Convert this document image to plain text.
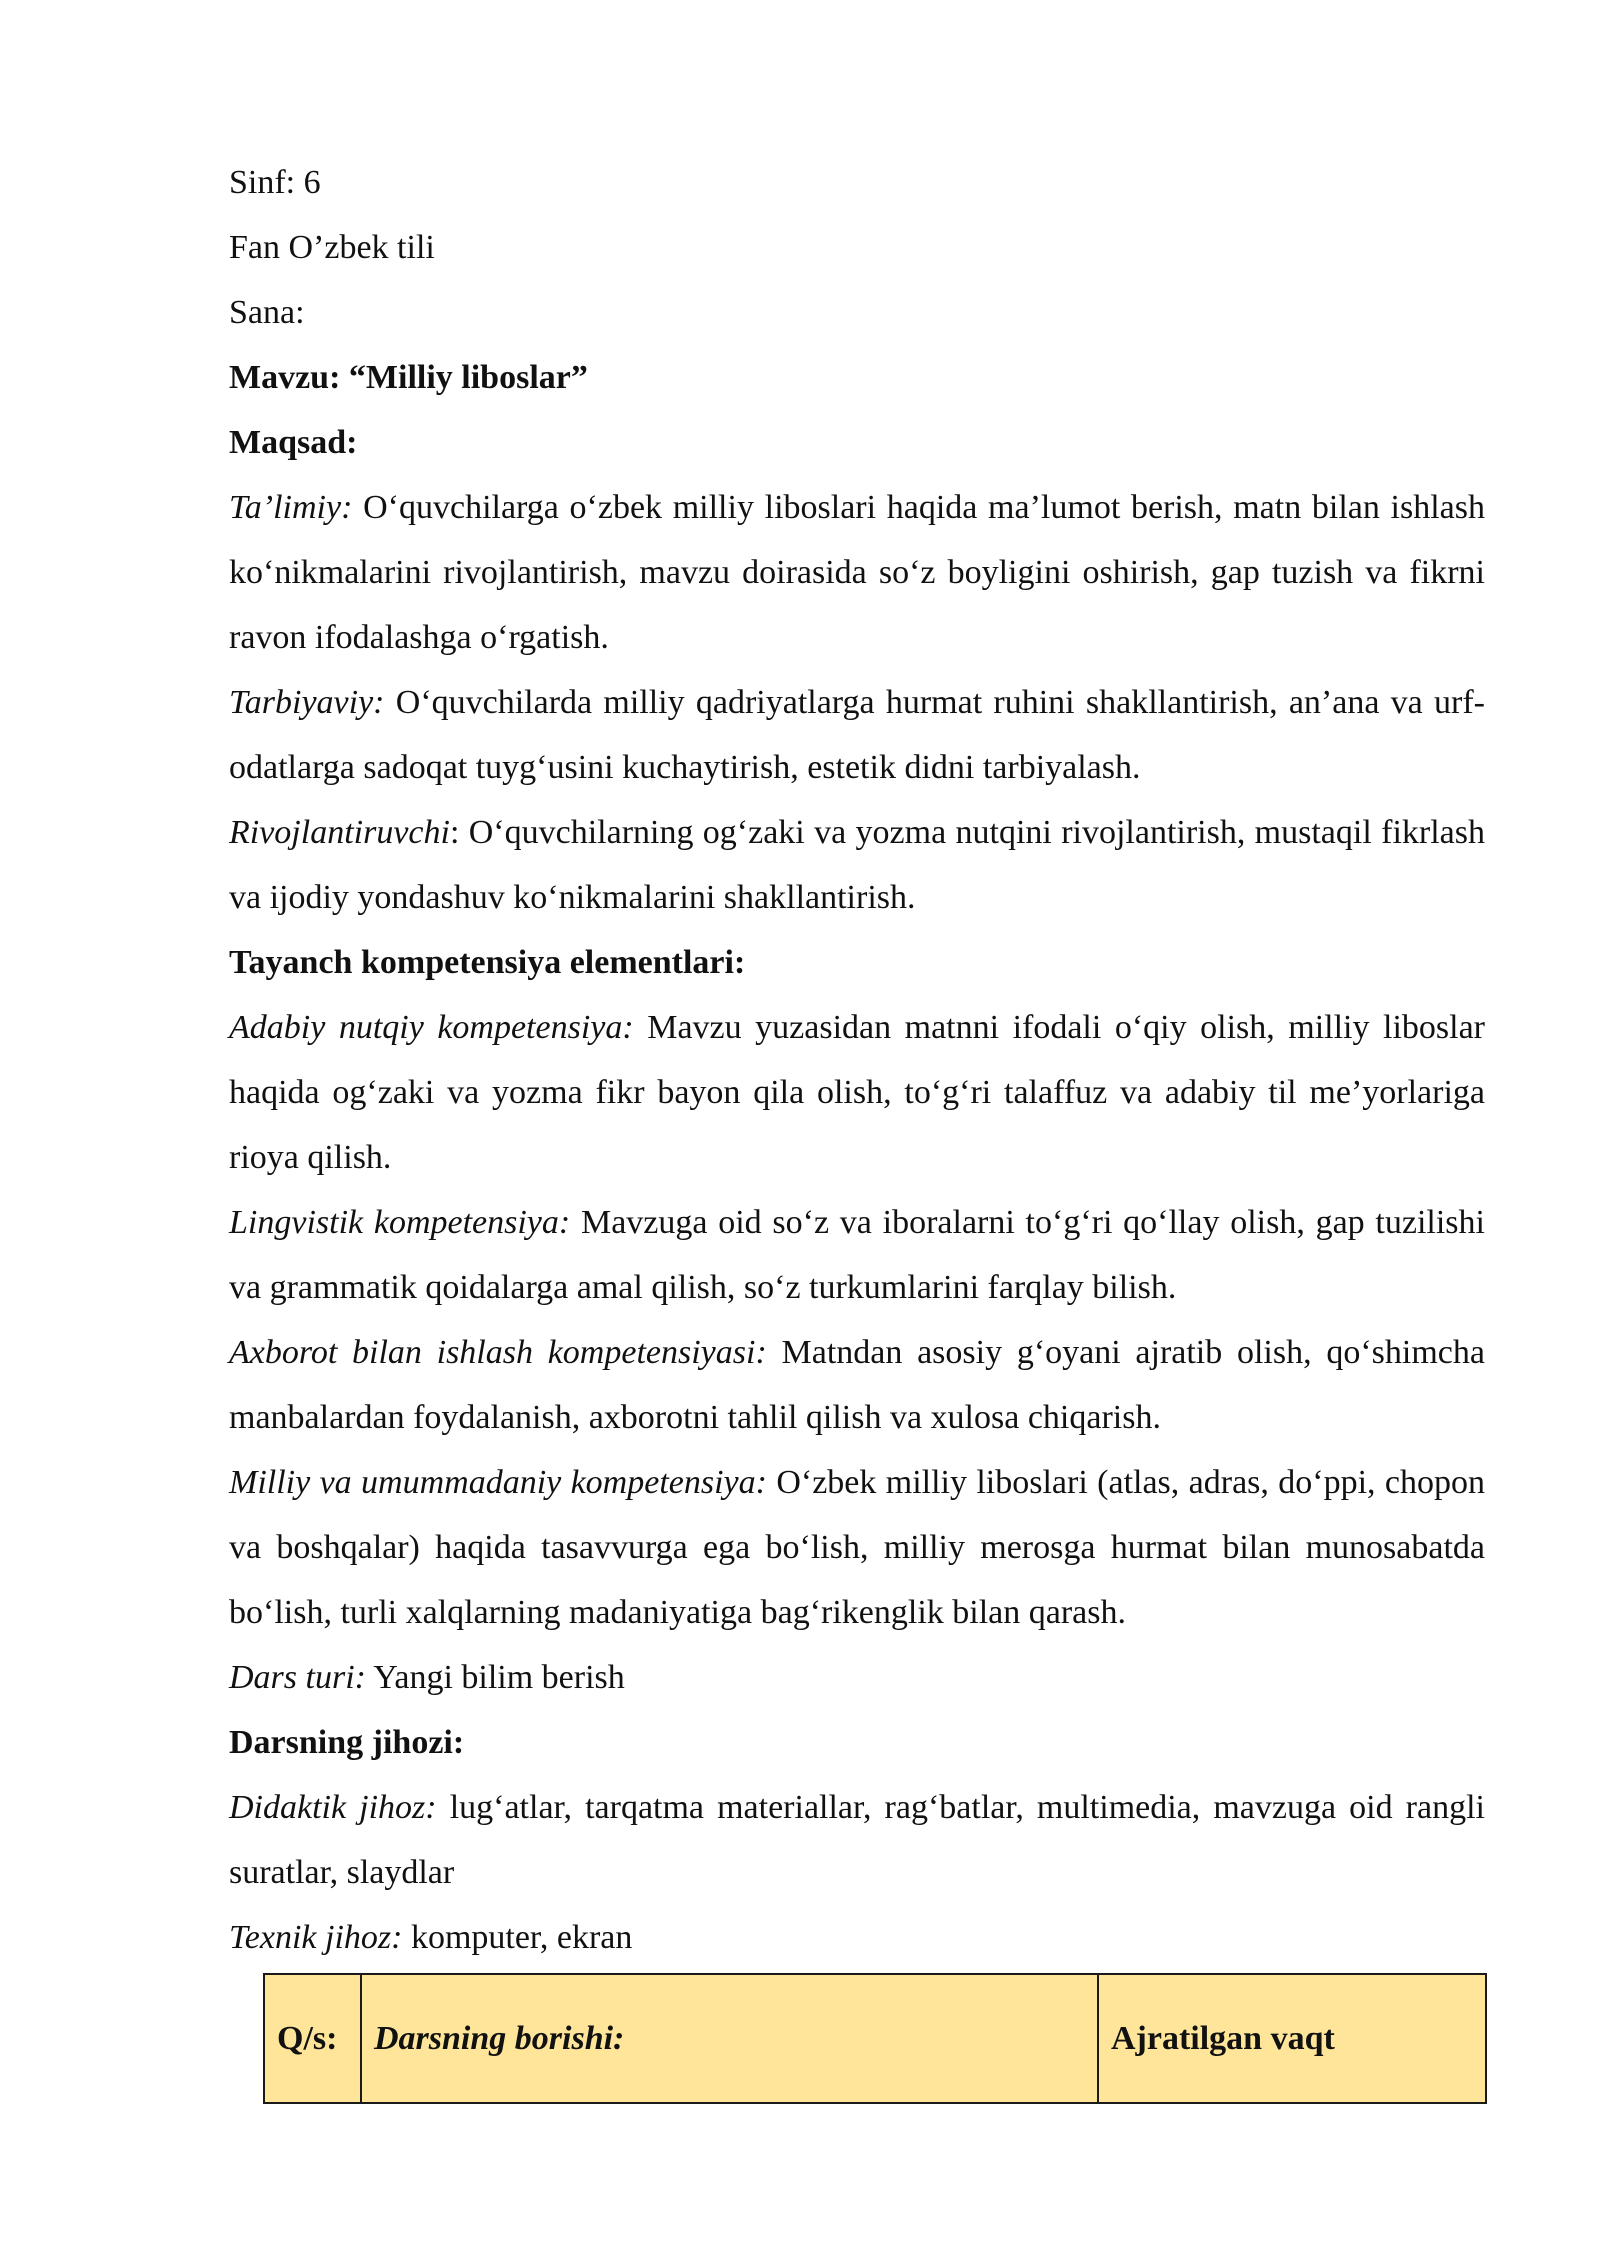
Sinf: 6
Fan O’zbek tili
Sana:
Mavzu: “Milliy liboslar”
Maqsad:
Ta’limiy: O‘quvchilarga o‘zbek milliy liboslari haqida ma’lumot berish, matn bilan ishlash ko‘nikmalarini rivojlantirish, mavzu doirasida so‘z boyligini oshirish, gap tuzish va fikrni ravon ifodalashga o‘rgatish.
Tarbiyaviy: O‘quvchilarda milliy qadriyatlarga hurmat ruhini shakllantirish, an’ana va urf-odatlarga sadoqat tuyg‘usini kuchaytirish, estetik didni tarbiyalash.
Rivojlantiruvchi: O‘quvchilarning og‘zaki va yozma nutqini rivojlantirish, mustaqil fikrlash va ijodiy yondashuv ko‘nikmalarini shakllantirish.
Tayanch kompetensiya elementlari:
Adabiy nutqiy kompetensiya: Mavzu yuzasidan matnni ifodali o‘qiy olish, milliy liboslar haqida og‘zaki va yozma fikr bayon qila olish, to‘g‘ri talaffuz va adabiy til me’yorlariga rioya qilish.
Lingvistik kompetensiya: Mavzuga oid so‘z va iboralarni to‘g‘ri qo‘llay olish, gap tuzilishi va grammatik qoidalarga amal qilish, so‘z turkumlarini farqlay bilish.
Axborot bilan ishlash kompetensiyasi: Matndan asosiy g‘oyani ajratib olish, qo‘shimcha manbalardan foydalanish, axborotni tahlil qilish va xulosa chiqarish.
Milliy va umummadaniy kompetensiya: O‘zbek milliy liboslari (atlas, adras, do‘ppi, chopon va boshqalar) haqida tasavvurga ega bo‘lish, milliy merosga hurmat bilan munosabatda bo‘lish, turli xalqlarning madaniyatiga bag‘rikenglik bilan qarash.
Dars turi: Yangi bilim berish
Darsning jihozi:
Didaktik jihoz: lug‘atlar, tarqatma materiallar, rag‘batlar, multimedia, mavzuga oid rangli suratlar, slaydlar
Texnik jihoz: komputer, ekran
Q/s:	Darsning borishi:	Ajratilgan vaqt
